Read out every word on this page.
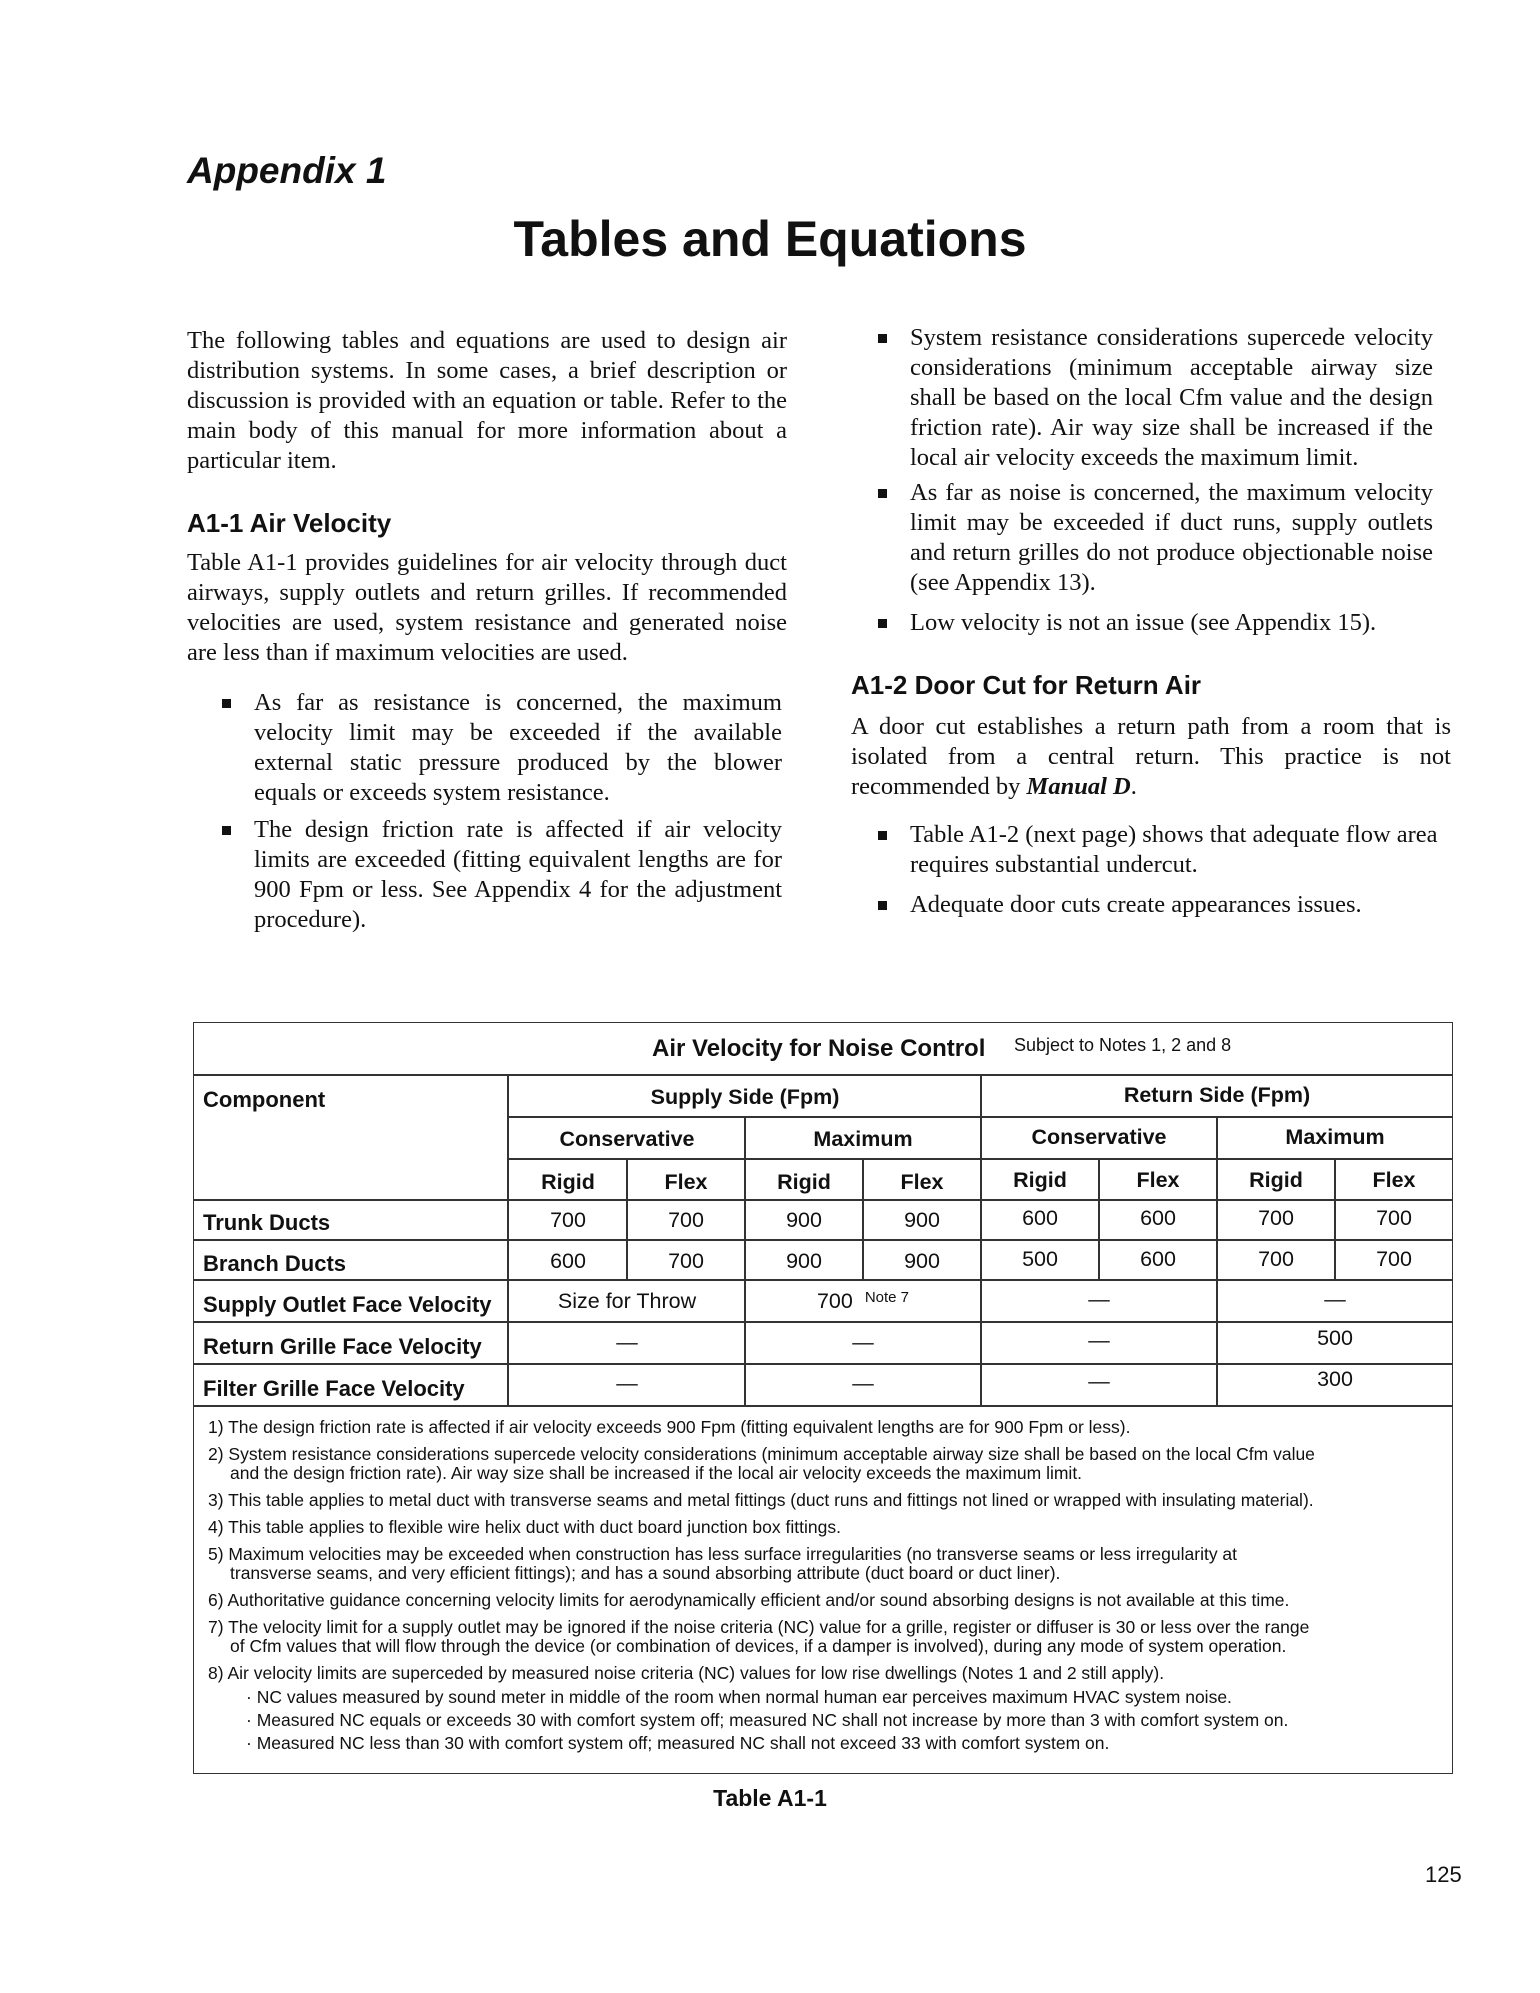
Appendix 1
Tables and Equations

The following tables and equations are used to design air distribution systems. In some cases, a brief description or discussion is provided with an equation or table. Refer to the main body of this manual for more information about a particular item.

A1-1 Air Velocity

Table A1-1 provides guidelines for air velocity through duct airways, supply outlets and return grilles. If recommended velocities are used, system resistance and generated noise are less than if maximum velocities are used.

As far as resistance is concerned, the maximum velocity limit may be exceeded if the available external static pressure produced by the blower equals or exceeds system resistance.
The design friction rate is affected if air velocity limits are exceeded (fitting equivalent lengths are for 900 Fpm or less. See Appendix 4 for the adjustment procedure).
System resistance considerations supercede velocity considerations (minimum acceptable airway size shall be based on the local Cfm value and the design friction rate). Air way size shall be increased if the local air velocity exceeds the maximum limit.
As far as noise is concerned, the maximum velocity limit may be exceeded if duct runs, supply outlets and return grilles do not produce objectionable noise (see Appendix 13).
Low velocity is not an issue (see Appendix 15).
A1-2 Door Cut for Return Air
A door cut establishes a return path from a room that is isolated from a central return. This practice is not recommended by Manual D.
Table A1-2 (next page) shows that adequate flow area requires substantial undercut.
Adequate door cuts create appearances issues.
Air Velocity for Noise Control Subject to Notes 1, 2 and 8
Component	Supply Side (Fpm)	Return Side (Fpm)
Conservative	Maximum	Conservative	Maximum
Rigid	Flex	Rigid	Flex	Rigid	Flex	Rigid	Flex
Trunk Ducts	700	700	900	900	600	600	700	700
Branch Ducts	600	700	900	900	500	600	700	700
Supply Outlet Face Velocity	Size for Throw	700 $^{Note 7}$	—	—
Return Grille Face Velocity	—	—	—	500
Filter Grille Face Velocity	—	—	—	300
1) The design friction rate is affected if air velocity exceeds 900 Fpm (fitting equivalent lengths are for 900 Fpm or less).
2) System resistance considerations supercede velocity considerations (minimum acceptable airway size shall be based on the local Cfm value
and the design friction rate). Air way size shall be increased if the local air velocity exceeds the maximum limit.
3) This table applies to metal duct with transverse seams and metal fittings (duct runs and fittings not lined or wrapped with insulating material).
4) This table applies to flexible wire helix duct with duct board junction box fittings.
5) Maximum velocities may be exceeded when construction has less surface irregularities (no transverse seams or less irregularity at
transverse seams, and very efficient fittings); and has a sound absorbing attribute (duct board or duct liner).
6) Authoritative guidance concerning velocity limits for aerodynamically efficient and/or sound absorbing designs is not available at this time.
7) The velocity limit for a supply outlet may be ignored if the noise criteria (NC) value for a grille, register or diffuser is 30 or less over the range
of Cfm values that will flow through the device (or combination of devices, if a damper is involved), during any mode of system operation.
8) Air velocity limits are superceded by measured noise criteria (NC) values for low rise dwellings (Notes 1 and 2 still apply).
· NC values measured by sound meter in middle of the room when normal human ear perceives maximum HVAC system noise.
· Measured NC equals or exceeds 30 with comfort system off; measured NC shall not increase by more than 3 with comfort system on.
· Measured NC less than 30 with comfort system off; measured NC shall not exceed 33 with comfort system on.
Table A1-1
125
